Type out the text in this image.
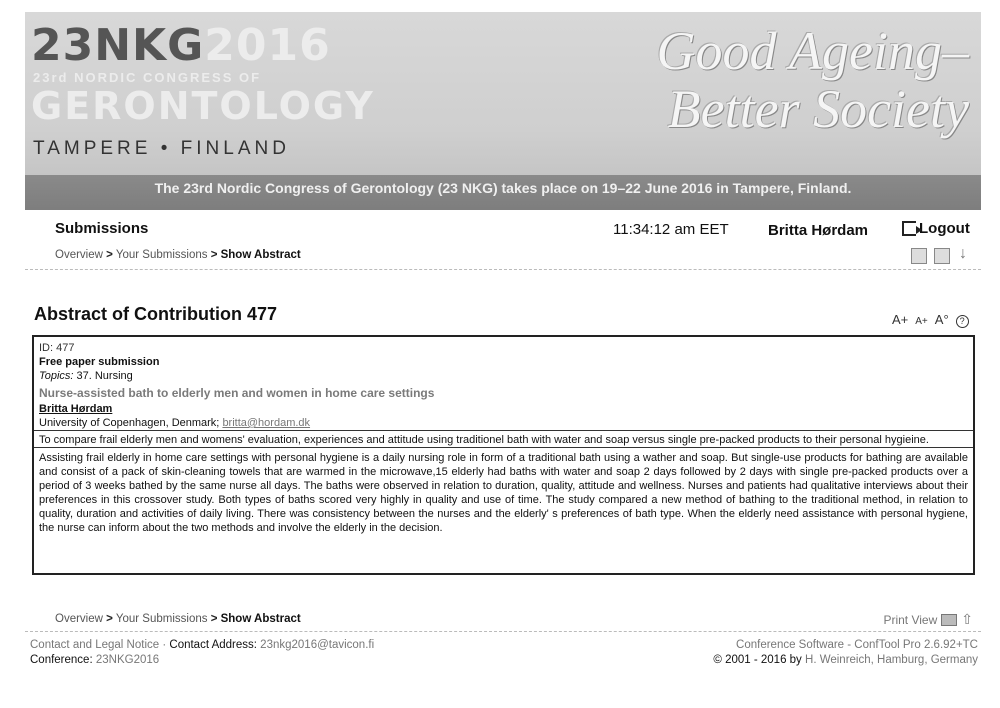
23NKG2016
23rd NORDIC CONGRESS OF
GERONTOLOGY
TAMPERE • FINLAND
Good Ageing–
Better Society
The 23rd Nordic Congress of Gerontology (23 NKG) takes place on 19–22 June 2016 in Tampere, Finland.
Submissions	11:34:12 am EET	Britta Hørdam	Logout
Overview > Your Submissions > Show Abstract
↓
Abstract of Contribution 477	A+ A+ A°	?
ID: 477
Free paper submission
Topics: 37. Nursing
Nurse-assisted bath to elderly men and women in home care settings
Britta Hørdam
University of Copenhagen, Denmark; britta@hordam.dk
To compare frail elderly men and womens' evaluation, experiences and attitude using traditionel bath with water and soap versus single pre-packed products to their personal hygieine.
Assisting frail elderly in home care settings with personal hygiene is a daily nursing role in form of a traditional bath using a wather and soap. But single-use products for bathing are available and consist of a pack of skin-cleaning towels that are warmed in the microwave,15 elderly had baths with water and soap 2 days followed by 2 days with single pre-packed products over a period of 3 weeks bathed by the same nurse all days. The baths were observed in relation to duration, quality, attitude and wellness. Nurses and patients had qualitative interviews about their preferences in this crossover study. Both types of baths scored very highly in quality and use of time. The study compared a new method of bathing to the traditional method, in relation to quality, duration and activities of daily living. There was consistency between the nurses and the elderly' s preferences of bath type. When the elderly need assistance with personal hygiene, the nurse can inform about the two methods and involve the elderly in the decision.
Overview > Your Submissions > Show Abstract	Print View ⇧
Contact and Legal Notice · Contact Address: 23nkg2016@tavicon.fi
Conference: 23NKG2016
Conference Software - ConfTool Pro 2.6.92+TC
© 2001 - 2016 by H. Weinreich, Hamburg, Germany
